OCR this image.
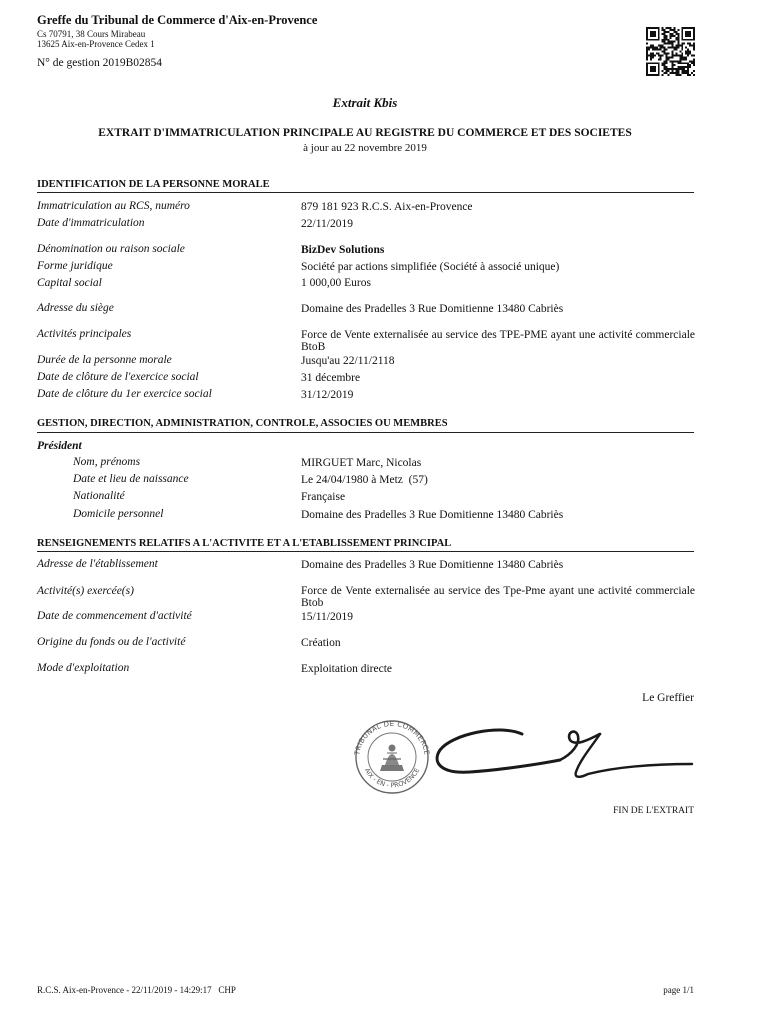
Greffe du Tribunal de Commerce d'Aix-en-Provence
Cs 70791, 38 Cours Mirabeau
13625 Aix-en-Provence Cedex 1
N° de gestion 2019B02854
Extrait Kbis
EXTRAIT D'IMMATRICULATION PRINCIPALE AU REGISTRE DU COMMERCE ET DES SOCIETES
à jour au 22 novembre 2019
IDENTIFICATION DE LA PERSONNE MORALE
Immatriculation au RCS, numéro	879 181 923 R.C.S. Aix-en-Provence
Date d'immatriculation	22/11/2019
Dénomination ou raison sociale	BizDev Solutions
Forme juridique	Société par actions simplifiée (Société à associé unique)
Capital social	1 000,00 Euros
Adresse du siège	Domaine des Pradelles 3 Rue Domitienne 13480 Cabriès
Activités principales	Force de Vente externalisée au service des TPE-PME ayant une activité commerciale BtoB
Durée de la personne morale	Jusqu'au 22/11/2118
Date de clôture de l'exercice social	31 décembre
Date de clôture du 1er exercice social	31/12/2019
GESTION, DIRECTION, ADMINISTRATION, CONTROLE, ASSOCIES OU MEMBRES
Président
Nom, prénoms	MIRGUET Marc, Nicolas
Date et lieu de naissance	Le 24/04/1980 à Metz  (57)
Nationalité	Française
Domicile personnel	Domaine des Pradelles 3 Rue Domitienne 13480 Cabriès
RENSEIGNEMENTS RELATIFS A L'ACTIVITE ET A L'ETABLISSEMENT PRINCIPAL
Adresse de l'établissement	Domaine des Pradelles 3 Rue Domitienne 13480 Cabriès
Activité(s) exercée(s)	Force de Vente externalisée au service des Tpe-Pme ayant une activité commerciale Btob
Date de commencement d'activité	15/11/2019
Origine du fonds ou de l'activité	Création
Mode d'exploitation	Exploitation directe
Le Greffier
TRIBUNAL DE COMMERCE
AIX - EN - PROVENCE
FIN DE L'EXTRAIT
R.C.S. Aix-en-Provence - 22/11/2019 - 14:29:17   CHP	page 1/1
